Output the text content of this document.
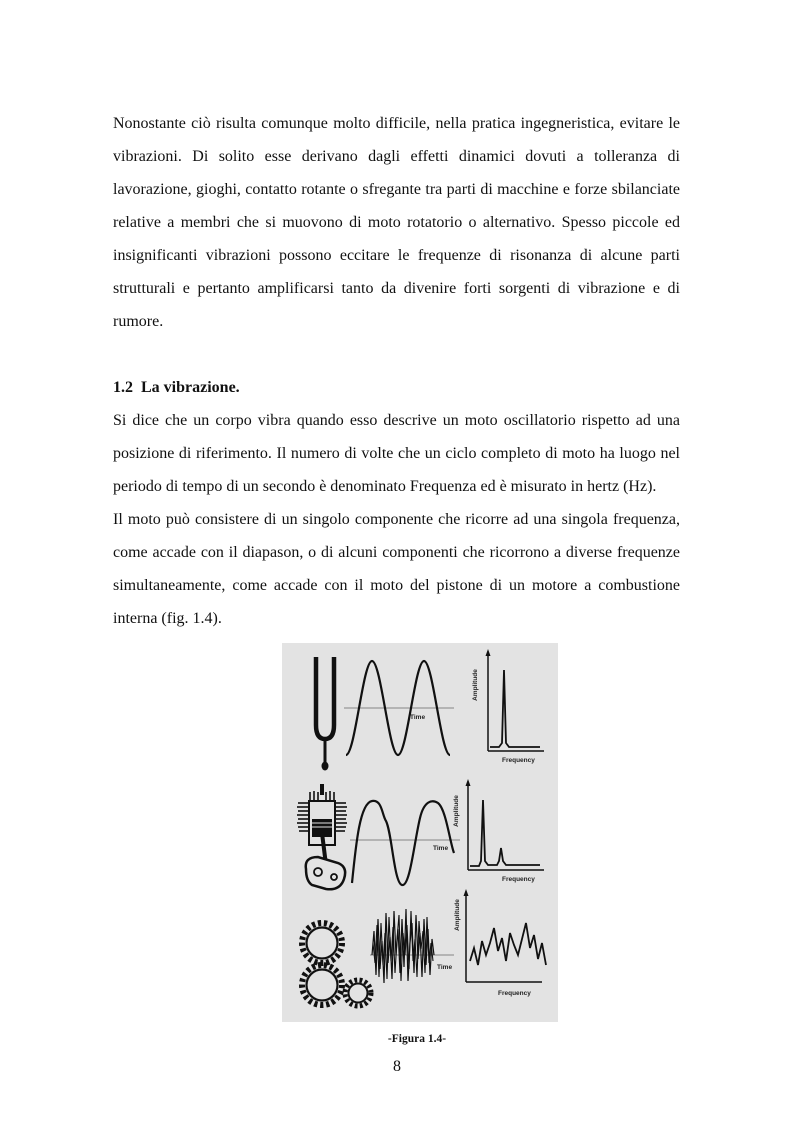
Nonostante ciò risulta comunque molto difficile, nella pratica ingegneristica, evitare le
vibrazioni. Di solito esse derivano dagli effetti dinamici dovuti a tolleranza di
lavorazione, gioghi, contatto rotante o sfregante tra parti di macchine e forze sbilanciate
relative a membri che si muovono di moto rotatorio o alternativo. Spesso piccole ed
insignificanti vibrazioni possono eccitare le frequenze di risonanza di alcune parti
strutturali e pertanto amplificarsi tanto da divenire forti sorgenti di vibrazione e di
rumore.
1.2  La vibrazione.
Si dice che un corpo vibra quando esso descrive un moto oscillatorio rispetto ad una
posizione di riferimento. Il numero di volte che un ciclo completo di moto ha luogo nel
periodo di tempo di un secondo è denominato Frequenza ed è misurato in hertz (Hz).
Il moto può consistere di un singolo componente che ricorre ad una singola frequenza,
come accade con il diapason, o di alcuni componenti che ricorrono a diverse frequenze
simultaneamente, come accade con il moto del pistone di un motore a combustione
interna (fig. 1.4).
Time
Amplitude
Frequency
Time
Amplitude
Frequency
Time
Amplitude
Frequency
-Figura 1.4-
8
